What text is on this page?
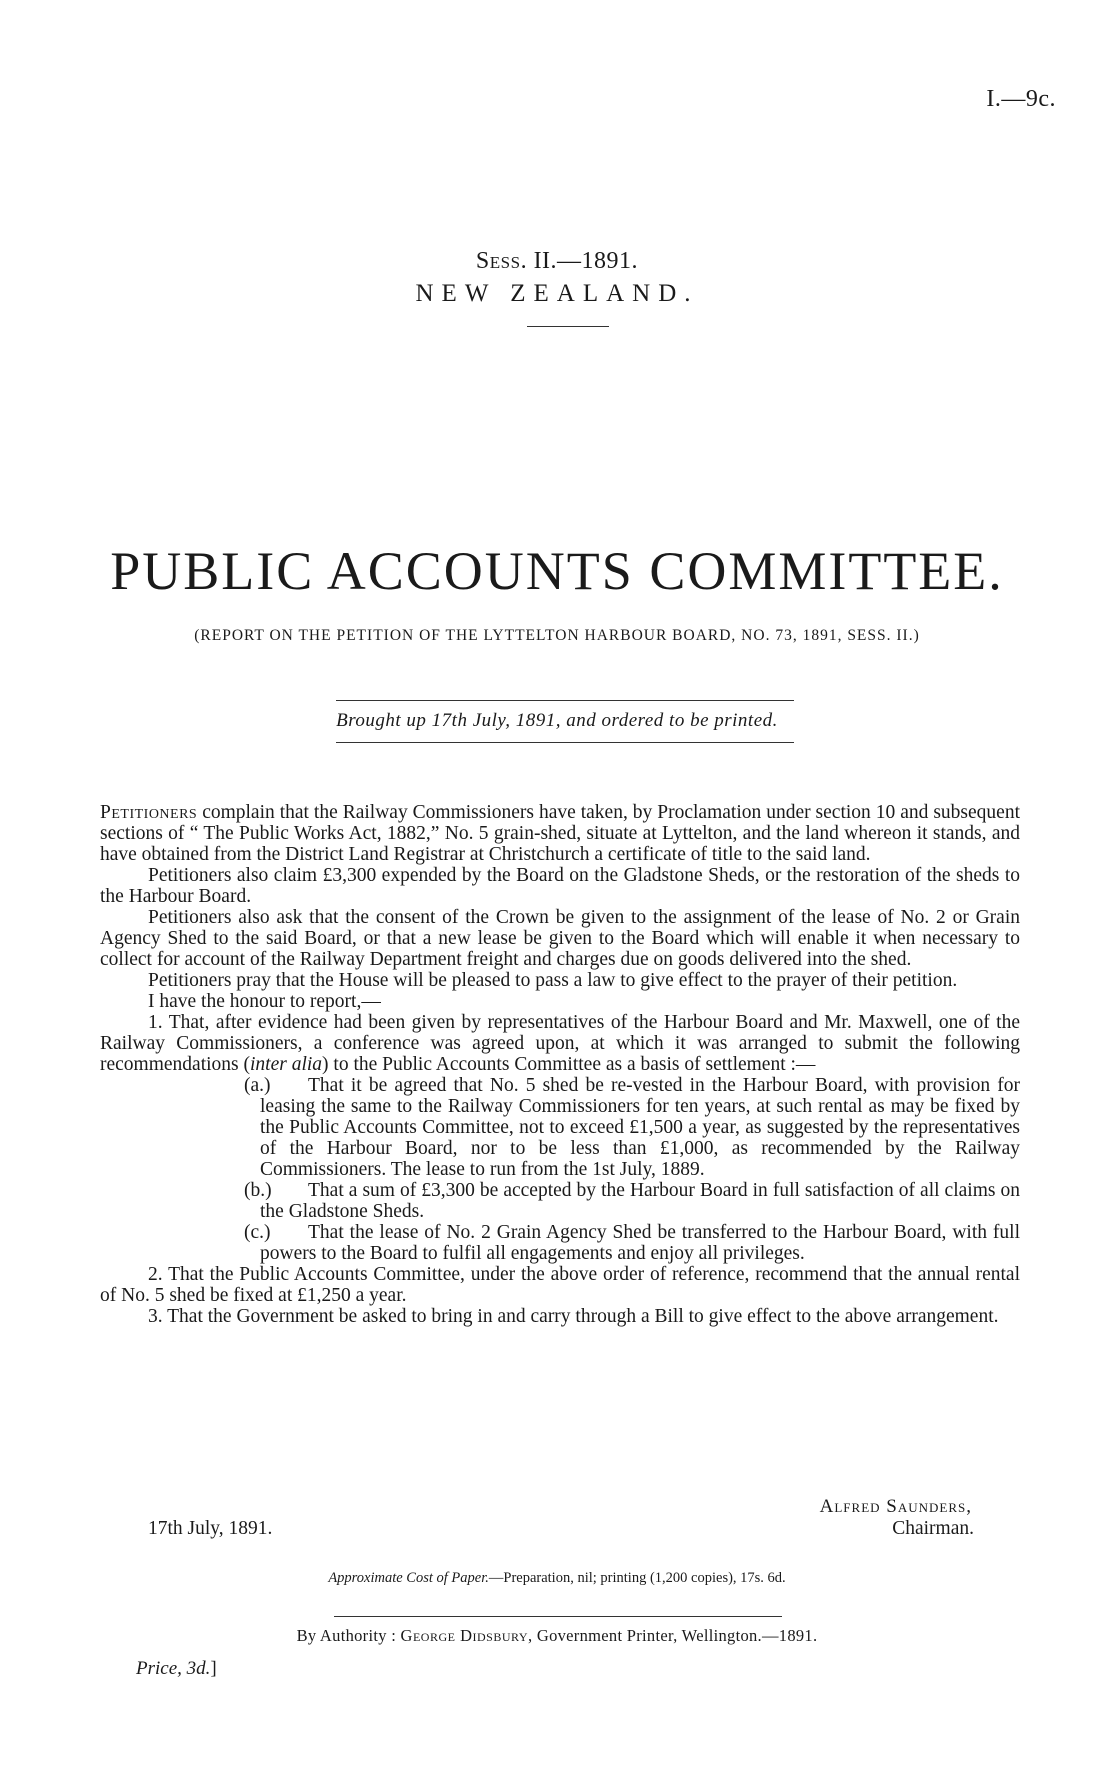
I.—9c.
Sess. II.—1891.
NEW ZEALAND.
PUBLIC ACCOUNTS COMMITTEE.
(REPORT ON THE PETITION OF THE LYTTELTON HARBOUR BOARD, NO. 73, 1891, SESS. II.)
Brought up 17th July, 1891, and ordered to be printed.

Petitioners complain that the Railway Commissioners have taken, by Proclamation under section 10 and subsequent sections of “ The Public Works Act, 1882,” No. 5 grain-shed, situate at Lyttelton, and the land whereon it stands, and have obtained from the District Land Registrar at Christchurch a certificate of title to the said land.

Petitioners also claim £3,300 expended by the Board on the Gladstone Sheds, or the restoration of the sheds to the Harbour Board.

Petitioners also ask that the consent of the Crown be given to the assignment of the lease of No. 2 or Grain Agency Shed to the said Board, or that a new lease be given to the Board which will enable it when necessary to collect for account of the Railway Department freight and charges due on goods delivered into the shed.

Petitioners pray that the House will be pleased to pass a law to give effect to the prayer of their petition.

I have the honour to report,—

1. That, after evidence had been given by representatives of the Harbour Board and Mr. Maxwell, one of the Railway Commissioners, a conference was agreed upon, at which it was arranged to submit the following recommendations (inter alia) to the Public Accounts Committee as a basis of settlement :—

(a.) That it be agreed that No. 5 shed be re-vested in the Harbour Board, with provision for leasing the same to the Railway Commissioners for ten years, at such rental as may be fixed by the Public Accounts Committee, not to exceed £1,500 a year, as suggested by the representatives of the Harbour Board, nor to be less than £1,000, as recommended by the Railway Commissioners. The lease to run from the 1st July, 1889.

(b.) That a sum of £3,300 be accepted by the Harbour Board in full satisfaction of all claims on the Gladstone Sheds.

(c.) That the lease of No. 2 Grain Agency Shed be transferred to the Harbour Board, with full powers to the Board to fulfil all engagements and enjoy all privileges.

2. That the Public Accounts Committee, under the above order of reference, recommend that the annual rental of No. 5 shed be fixed at £1,250 a year.

3. That the Government be asked to bring in and carry through a Bill to give effect to the above arrangement.

Alfred Saunders,
17th July, 1891.	Chairman.
Approximate Cost of Paper.—Preparation, nil; printing (1,200 copies), 17s. 6d.
By Authority : George Didsbury, Government Printer, Wellington.—1891.
Price, 3d.]
